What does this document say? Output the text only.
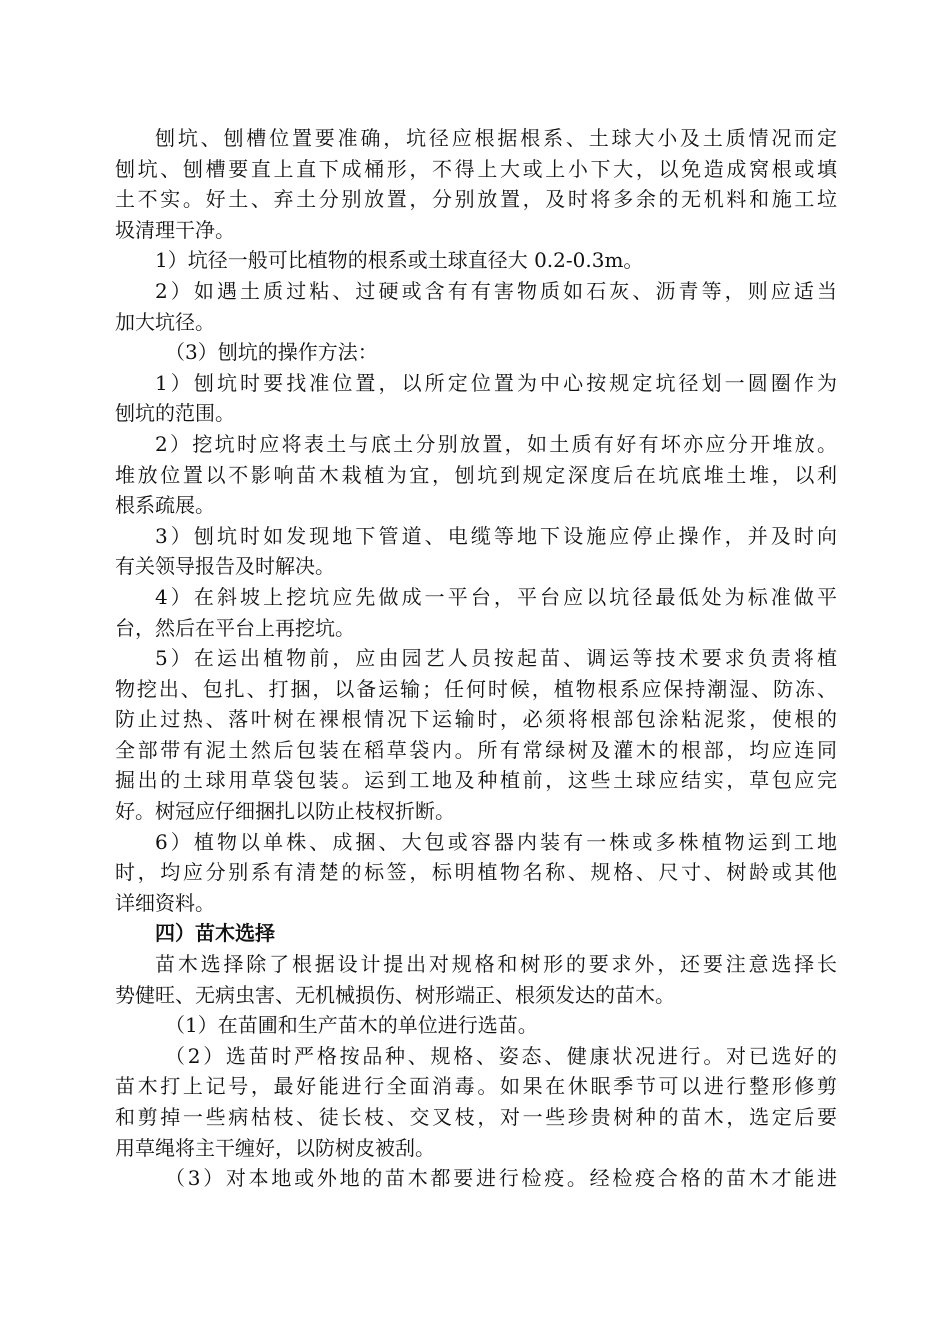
刨坑、刨槽位置要准确，坑径应根据根系、土球大小及土质情况而定
刨坑、刨槽要直上直下成桶形，不得上大或上小下大，以免造成窝根或填
土不实。好土、弃土分别放置，分别放置，及时将多余的无机料和施工垃
圾清理干净。
1）坑径一般可比植物的根系或土球直径大 0.2-0.3m。
2）如遇土质过粘、过硬或含有有害物质如石灰、沥青等，则应适当
加大坑径。
（3）刨坑的操作方法：
1）刨坑时要找准位置，以所定位置为中心按规定坑径划一圆圈作为
刨坑的范围。
2）挖坑时应将表土与底土分别放置，如土质有好有坏亦应分开堆放。
堆放位置以不影响苗木栽植为宜，刨坑到规定深度后在坑底堆土堆，以利
根系疏展。
3）刨坑时如发现地下管道、电缆等地下设施应停止操作，并及时向
有关领导报告及时解决。
4）在斜坡上挖坑应先做成一平台，平台应以坑径最低处为标准做平
台，然后在平台上再挖坑。
5）在运出植物前，应由园艺人员按起苗、调运等技术要求负责将植
物挖出、包扎、打捆，以备运输；任何时候，植物根系应保持潮湿、防冻、
防止过热、落叶树在裸根情况下运输时，必须将根部包涂粘泥浆，使根的
全部带有泥土然后包装在稻草袋内。所有常绿树及灌木的根部，均应连同
掘出的土球用草袋包装。运到工地及种植前，这些土球应结实，草包应完
好。树冠应仔细捆扎以防止枝杈折断。
6）植物以单株、成捆、大包或容器内装有一株或多株植物运到工地
时，均应分别系有清楚的标签，标明植物名称、规格、尺寸、树龄或其他
详细资料。
四）苗木选择
苗木选择除了根据设计提出对规格和树形的要求外，还要注意选择长
势健旺、无病虫害、无机械损伤、树形端正、根须发达的苗木。
（1）在苗圃和生产苗木的单位进行选苗。
（2）选苗时严格按品种、规格、姿态、健康状况进行。对已选好的
苗木打上记号，最好能进行全面消毒。如果在休眠季节可以进行整形修剪
和剪掉一些病枯枝、徒长枝、交叉枝，对一些珍贵树种的苗木，选定后要
用草绳将主干缠好，以防树皮被刮。
（3）对本地或外地的苗木都要进行检疫。经检疫合格的苗木才能进
